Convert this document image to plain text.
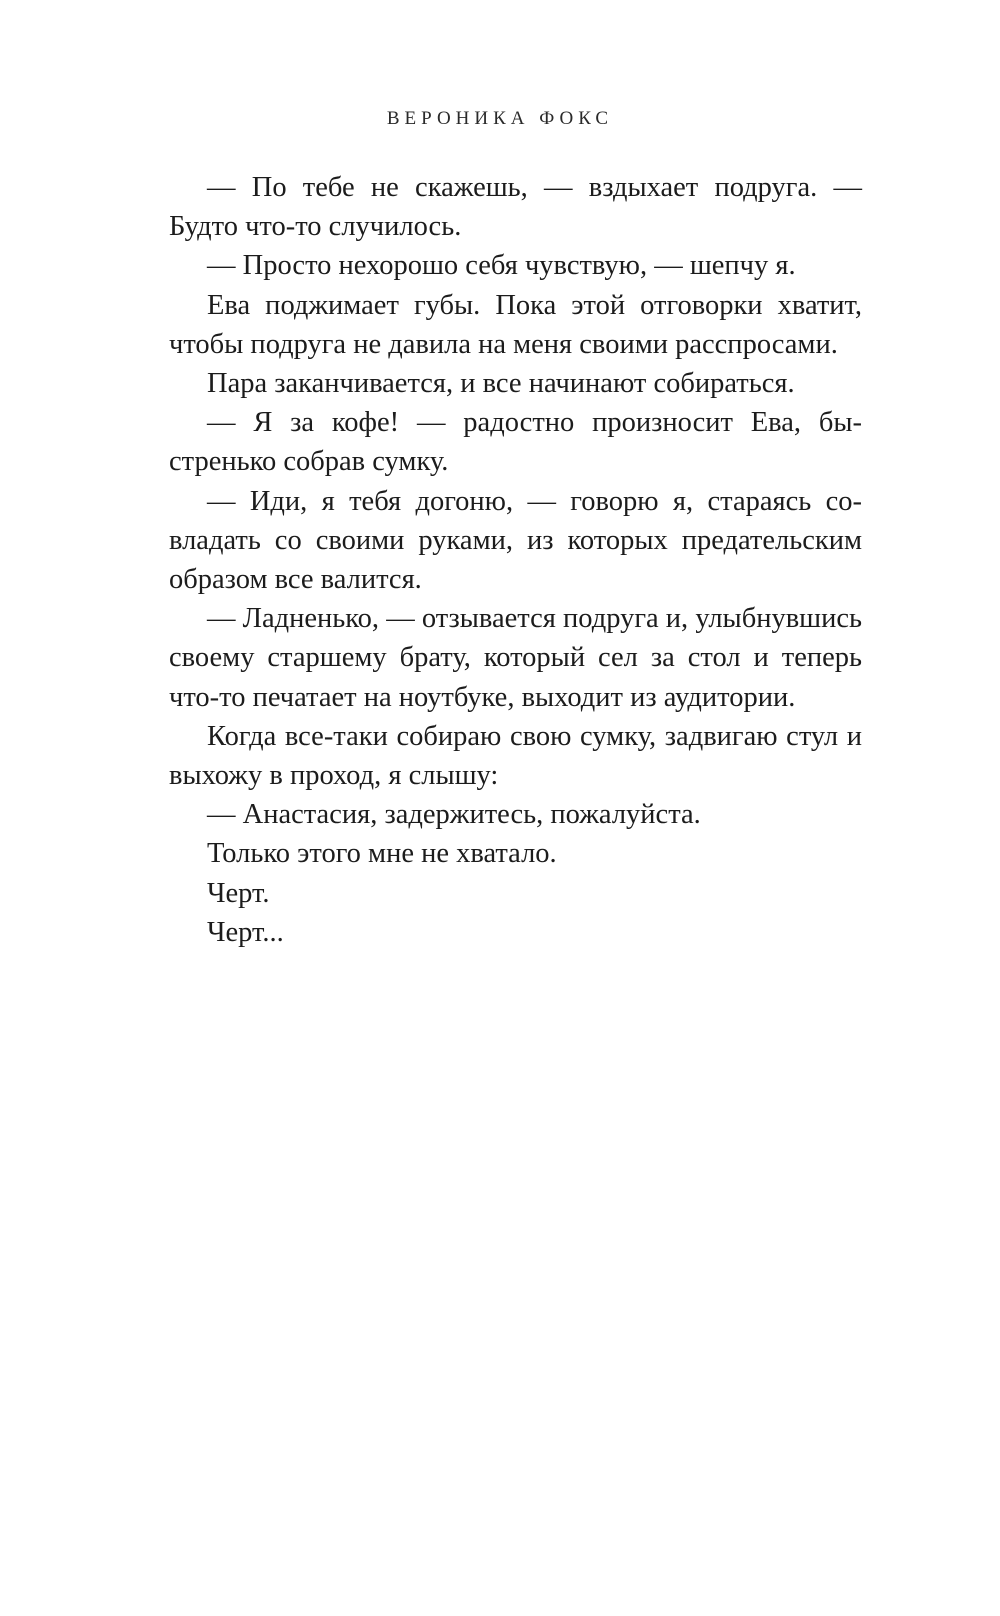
ВЕРОНИКА ФОКС

— По тебе не скажешь, — вздыхает подруга. — Будто что-то случилось.

— Просто нехорошо себя чувствую, — шепчу я.

Ева поджимает губы. Пока этой отговорки хватит, чтобы подруга не давила на меня своими расспросами.

Пара заканчивается, и все начинают собираться.

— Я за кофе! — радостно произносит Ева, быстренько собрав сумку.

— Иди, я тебя догоню, — говорю я, стараясь совладать со своими руками, из которых предательским образом все валится.

— Ладненько, — отзывается подруга и, улыбнувшись своему старшему брату, который сел за стол и теперь что-то печатает на ноутбуке, выходит из аудитории.

Когда все-таки собираю свою сумку, задвигаю стул и выхожу в проход, я слышу:

— Анастасия, задержитесь, пожалуйста.

Только этого мне не хватало.

Черт.

Черт...
